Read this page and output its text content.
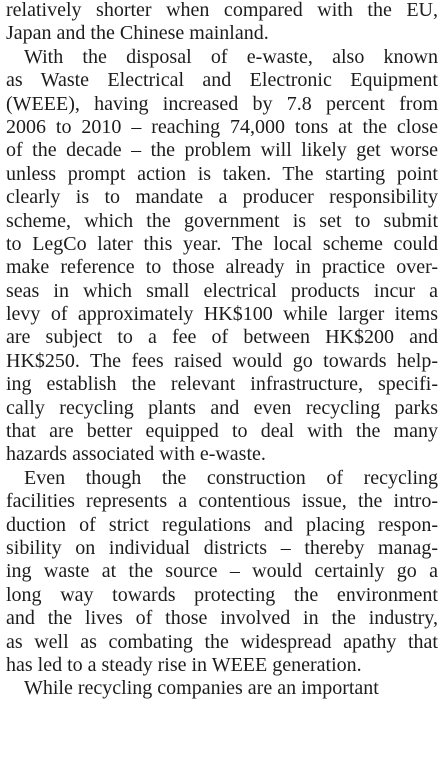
relatively shorter when compared with the EU,
Japan and the Chinese mainland.
With the disposal of e-waste, also known
as Waste Electrical and Electronic Equipment
(WEEE), having increased by 7.8 percent from
2006 to 2010 – reaching 74,000 tons at the close
of the decade – the problem will likely get worse
unless prompt action is taken. The starting point
clearly is to mandate a producer responsibility
scheme, which the government is set to submit
to LegCo later this year. The local scheme could
make reference to those already in practice over-
seas in which small electrical products incur a
levy of approximately HK$100 while larger items
are subject to a fee of between HK$200 and
HK$250. The fees raised would go towards help-
ing establish the relevant infrastructure, specifi-
cally recycling plants and even recycling parks
that are better equipped to deal with the many
hazards associated with e-waste.
Even though the construction of recycling
facilities represents a contentious issue, the intro-
duction of strict regulations and placing respon-
sibility on individual districts – thereby manag-
ing waste at the source – would certainly go a
long way towards protecting the environment
and the lives of those involved in the industry,
as well as combating the widespread apathy that
has led to a steady rise in WEEE generation.
While recycling companies are an important
